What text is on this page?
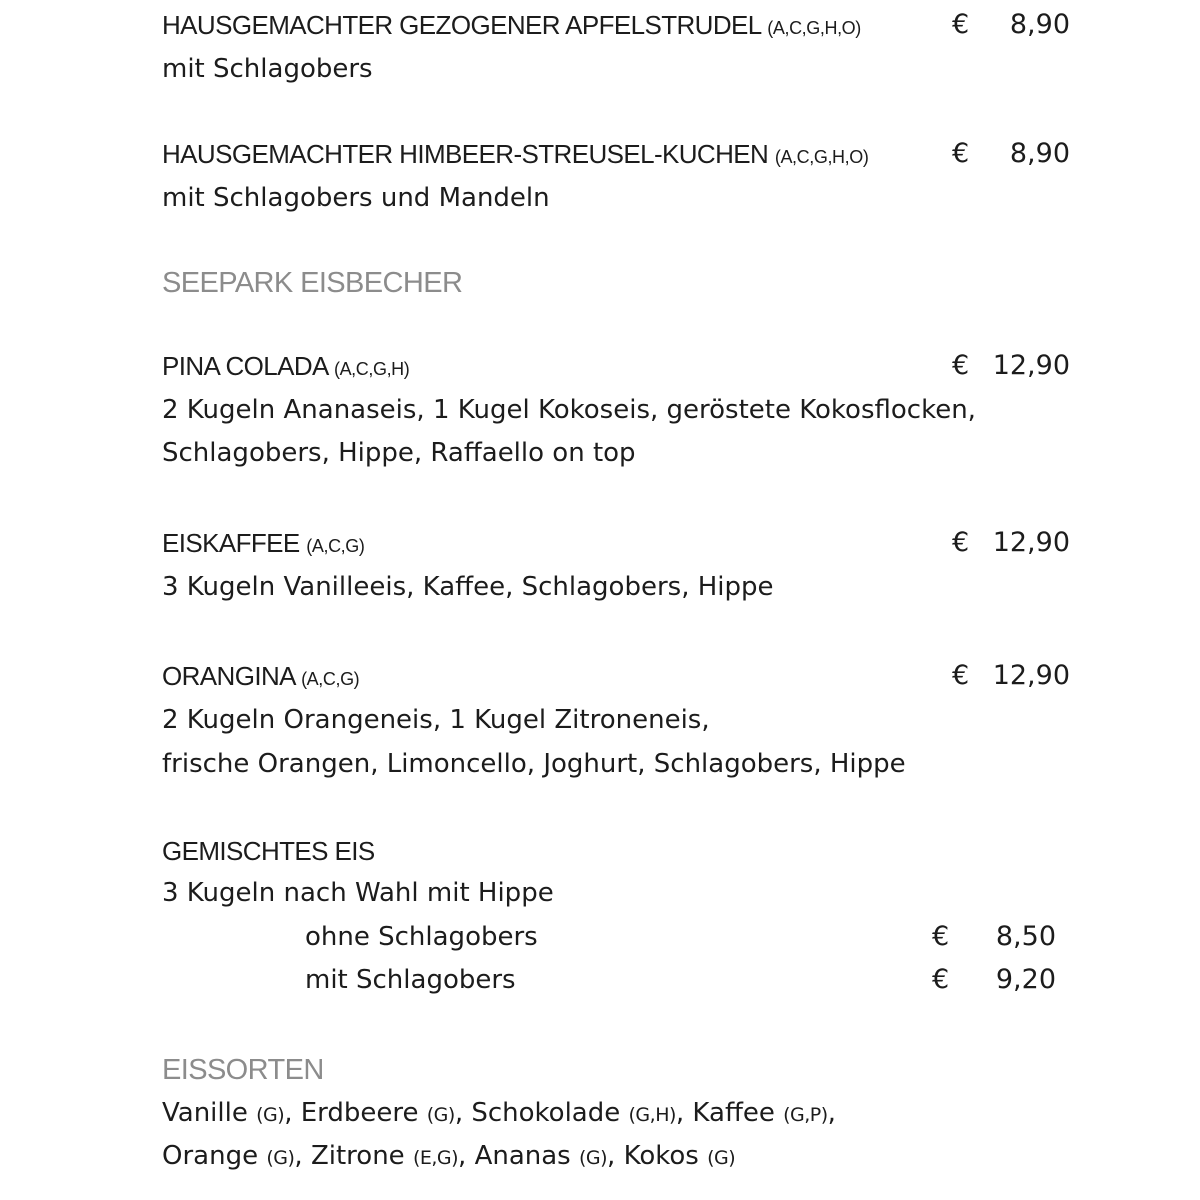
HAUSGEMACHTER GEZOGENER APFELSTRUDEL (A,C,G,H,O)	€	8,90
mit Schlagobers
HAUSGEMACHTER HIMBEER-STREUSEL-KUCHEN (A,C,G,H,O)	€	8,90
mit Schlagobers und Mandeln
SEEPARK EISBECHER
PINA COLADA (A,C,G,H)	€ 12,90
2 Kugeln Ananaseis, 1 Kugel Kokoseis, geröstete Kokosflocken,
Schlagobers, Hippe, Raffaello on top
EISKAFFEE (A,C,G)	€ 12,90
3 Kugeln Vanilleeis, Kaffee, Schlagobers, Hippe
ORANGINA (A,C,G)	€ 12,90
2 Kugeln Orangeneis, 1 Kugel Zitroneneis,
frische Orangen, Limoncello, Joghurt, Schlagobers, Hippe
GEMISCHTES EIS
3 Kugeln nach Wahl mit Hippe
ohne Schlagobers	€	8,50
mit Schlagobers	€	9,20
EISSORTEN
Vanille (G), Erdbeere (G), Schokolade (G,H), Kaffee (G,P),
Orange (G), Zitrone (E,G), Ananas (G), Kokos (G)
